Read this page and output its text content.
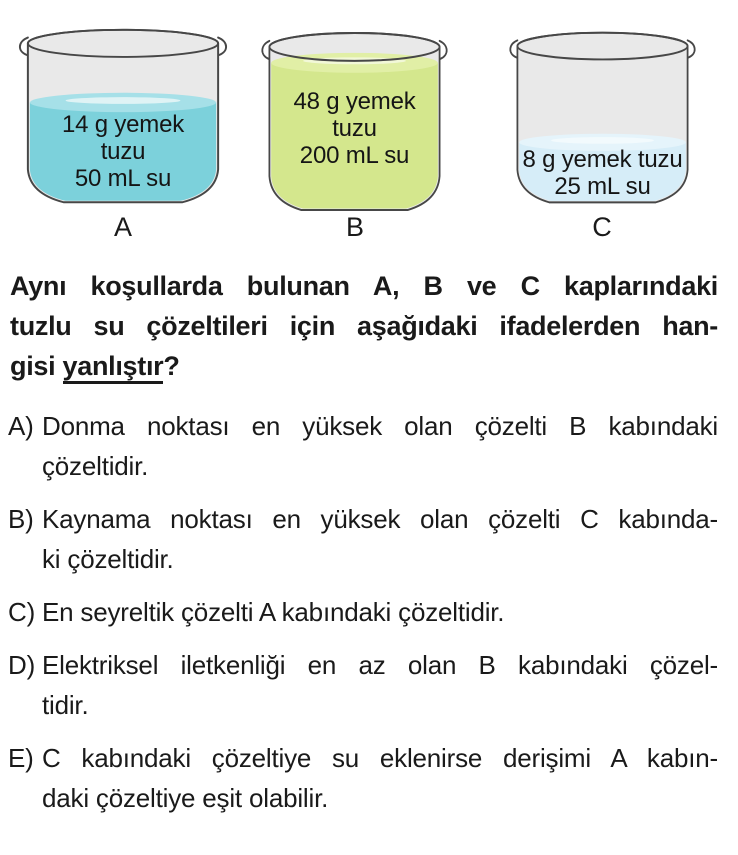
14 g yemek
tuzu
50 mL su
48 g yemek
tuzu
200 mL su	8 g yemek tuzu
25 mL su
A	B	C
Aynı koşullarda bulunan A, B ve C kaplarındaki
tuzlu su çözeltileri için aşağıdaki ifadelerden han-
gisi yanlıştır?
A) Donma noktası en yüksek olan çözelti B kabındaki
çözeltidir.
B) Kaynama noktası en yüksek olan çözelti C kabında-
ki çözeltidir.
C) En seyreltik çözelti A kabındaki çözeltidir.
D) Elektriksel iletkenliği en az olan B kabındaki çözel-
tidir.
E) C kabındaki çözeltiye su eklenirse derişimi A kabın-
daki çözeltiye eşit olabilir.
